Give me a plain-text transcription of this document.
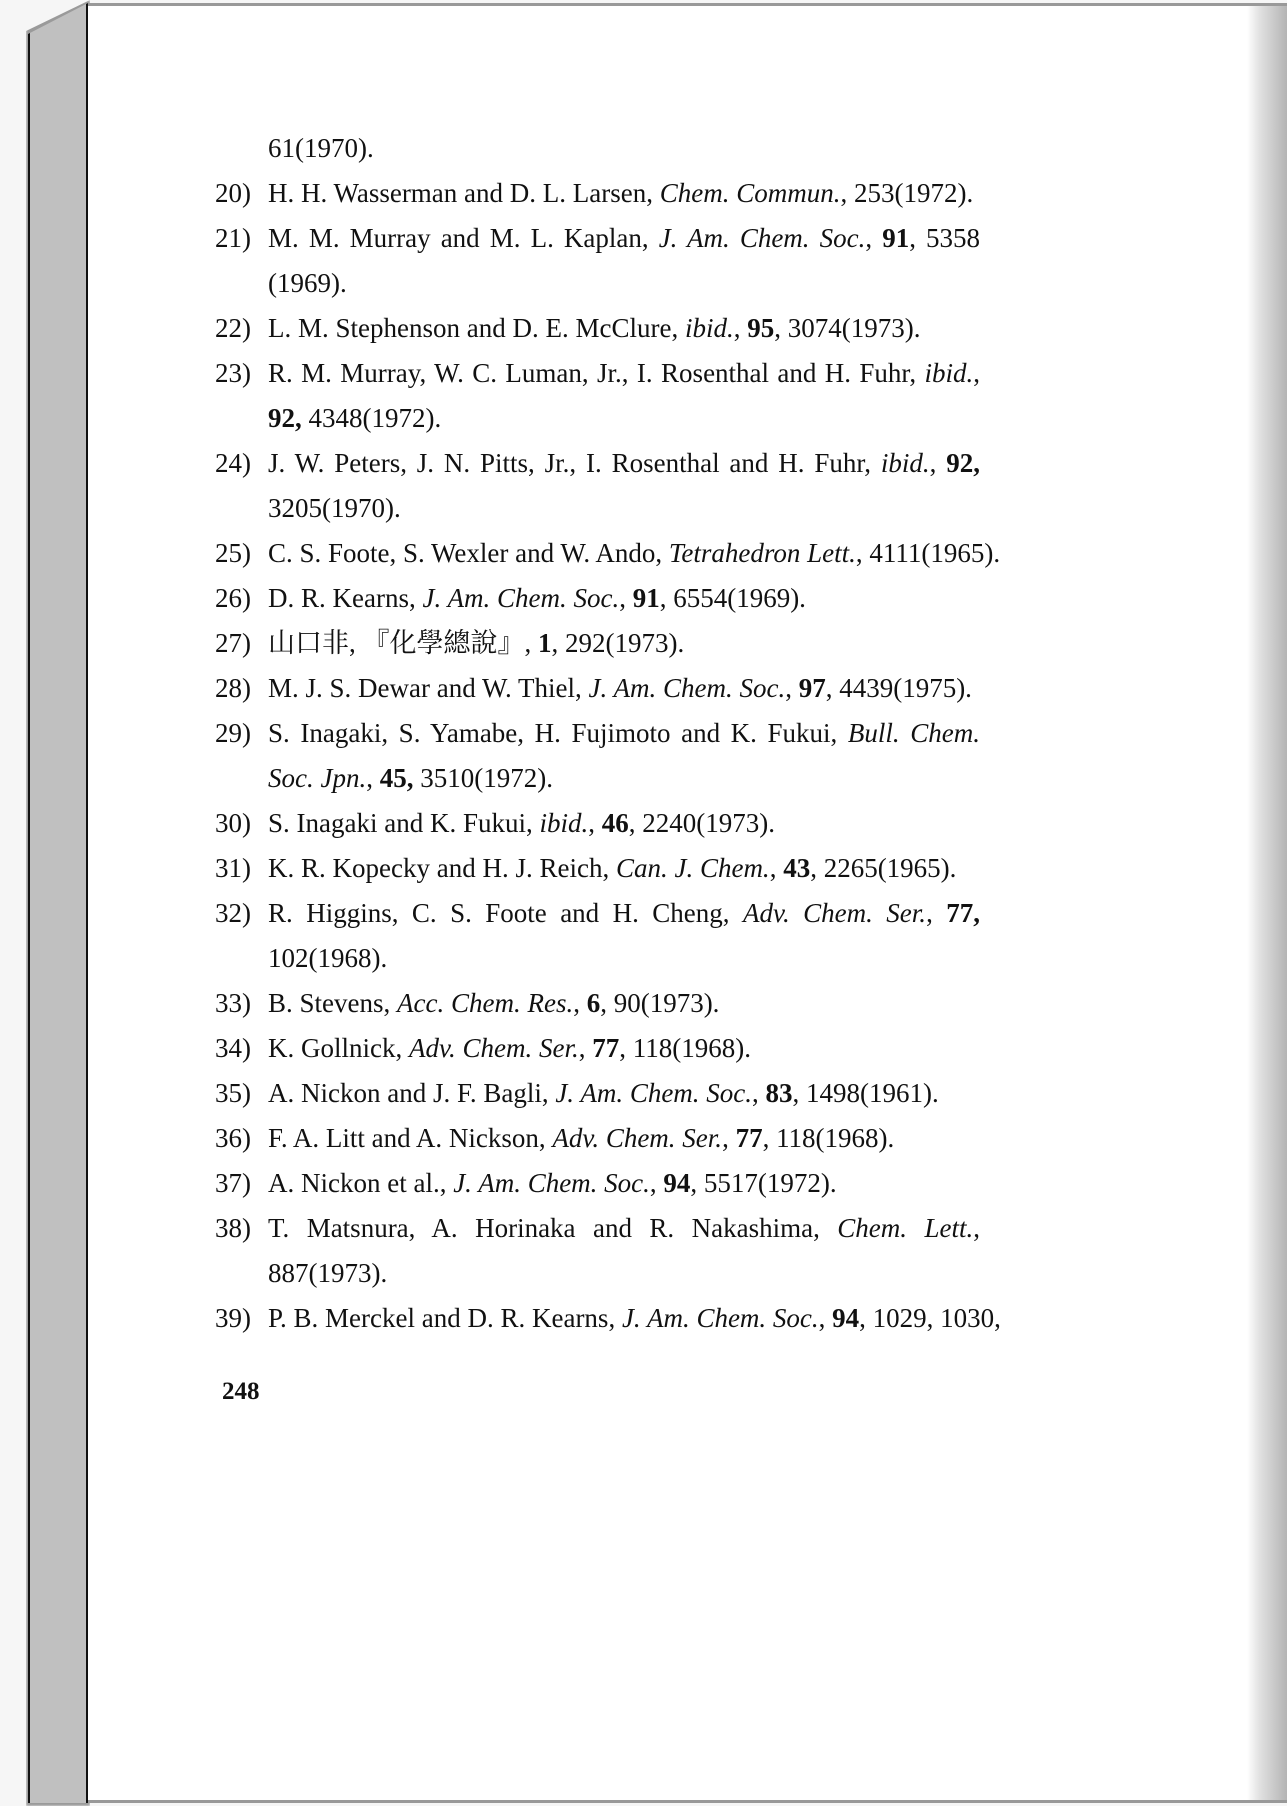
61(1970).
20) H. H. Wasserman and D. L. Larsen, Chem. Commun., 253(1972).
21) M. M. Murray and M. L. Kaplan, J. Am. Chem. Soc., 91, 5358
(1969).
22) L. M. Stephenson and D. E. McClure, ibid., 95, 3074(1973).
23) R. M. Murray, W. C. Luman, Jr., I. Rosenthal and H. Fuhr, ibid.,
92, 4348(1972).
24) J. W. Peters, J. N. Pitts, Jr., I. Rosenthal and H. Fuhr, ibid., 92,
3205(1970).
25) C. S. Foote, S. Wexler and W. Ando, Tetrahedron Lett., 4111(1965).
26) D. R. Kearns, J. Am. Chem. Soc., 91, 6554(1969).
27) 山口非, 『化學總說』, 1, 292(1973).
28) M. J. S. Dewar and W. Thiel, J. Am. Chem. Soc., 97, 4439(1975).
29) S. Inagaki, S. Yamabe, H. Fujimoto and K. Fukui, Bull. Chem.
Soc. Jpn., 45, 3510(1972).
30) S. Inagaki and K. Fukui, ibid., 46, 2240(1973).
31) K. R. Kopecky and H. J. Reich, Can. J. Chem., 43, 2265(1965).
32) R. Higgins, C. S. Foote and H. Cheng, Adv. Chem. Ser., 77,
102(1968).
33) B. Stevens, Acc. Chem. Res., 6, 90(1973).
34) K. Gollnick, Adv. Chem. Ser., 77, 118(1968).
35) A. Nickon and J. F. Bagli, J. Am. Chem. Soc., 83, 1498(1961).
36) F. A. Litt and A. Nickson, Adv. Chem. Ser., 77, 118(1968).
37) A. Nickon et al., J. Am. Chem. Soc., 94, 5517(1972).
38) T. Matsnura, A. Horinaka and R. Nakashima, Chem. Lett.,
887(1973).
39) P. B. Merckel and D. R. Kearns, J. Am. Chem. Soc., 94, 1029, 1030,
248
